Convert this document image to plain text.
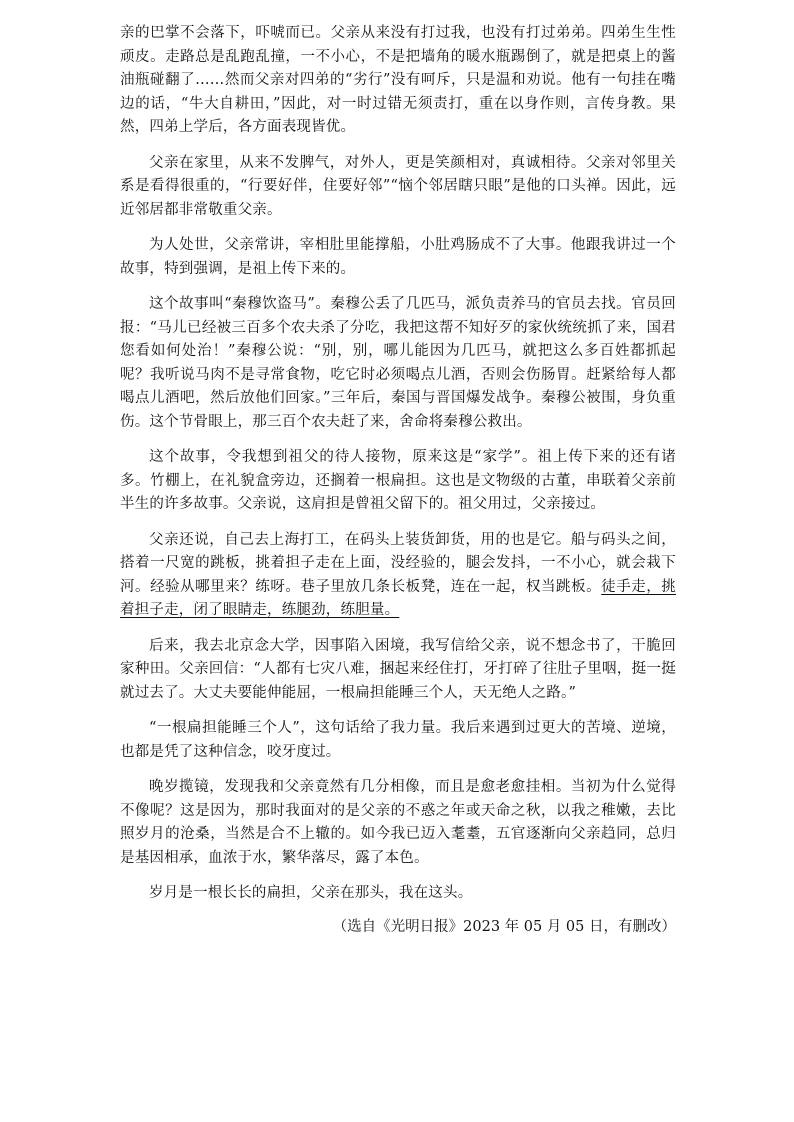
亲的巴掌不会落下，吓唬而已。父亲从来没有打过我，也没有打过弟弟。四弟生生性顽皮。走路总是乱跑乱撞，一不小心，不是把墙角的暖水瓶踢倒了，就是把桌上的酱油瓶碰翻了……然而父亲对四弟的“劣行”没有呵斥，只是温和劝说。他有一句挂在嘴边的话，“牛大自耕田，”因此，对一时过错无须责打，重在以身作则，言传身教。果然，四弟上学后，各方面表现皆优。

父亲在家里，从来不发脾气，对外人，更是笑颜相对，真诚相待。父亲对邻里关系是看得很重的，“行要好伴，住要好邻”“恼个邻居瞎只眼”是他的口头禅。因此，远近邻居都非常敬重父亲。

为人处世，父亲常讲，宰相肚里能撑船，小肚鸡肠成不了大事。他跟我讲过一个故事，特到强调，是祖上传下来的。

这个故事叫“秦穆饮盗马”。秦穆公丢了几匹马，派负责养马的官员去找。官员回报：“马儿已经被三百多个农夫杀了分吃，我把这帮不知好歹的家伙统统抓了来，国君您看如何处治！”秦穆公说：“别，别，哪儿能因为几匹马，就把这么多百姓都抓起呢？我听说马肉不是寻常食物，吃它时必须喝点儿酒，否则会伤肠胃。赶紧给每人都喝点儿酒吧，然后放他们回家。”三年后，秦国与晋国爆发战争。秦穆公被围，身负重伤。这个节骨眼上，那三百个农夫赶了来，舍命将秦穆公救出。

这个故事，令我想到祖父的待人接物，原来这是“家学”。祖上传下来的还有诸多。竹棚上，在礼貌盒旁边，还搁着一根扁担。这也是文物级的古董，串联着父亲前半生的许多故事。父亲说，这肩担是曾祖父留下的。祖父用过，父亲接过。

父亲还说，自己去上海打工，在码头上装货卸货，用的也是它。船与码头之间，搭着一尺宽的跳板，挑着担子走在上面，没经验的，腿会发抖，一不小心，就会栽下河。经验从哪里来？练呀。巷子里放几条长板凳，连在一起，权当跳板。徒手走，挑着担子走，闭了眼睛走，练腿劲，练胆量。

后来，我去北京念大学，因事陷入困境，我写信给父亲，说不想念书了，干脆回家种田。父亲回信：“人都有七灾八难，捆起来经住打，牙打碎了往肚子里咽，挺一挺就过去了。大丈夫要能伸能屈，一根扁担能睡三个人，天无绝人之路。”

“一根扁担能睡三个人”，这句话给了我力量。我后来遇到过更大的苦境、逆境，也都是凭了这种信念，咬牙度过。

晚岁揽镜，发现我和父亲竟然有几分相像，而且是愈老愈挂相。当初为什么觉得不像呢？这是因为，那时我面对的是父亲的不惑之年或天命之秋，以我之稚嫩，去比照岁月的沧桑，当然是合不上辙的。如今我已迈入耄耋，五官逐渐向父亲趋同，总归是基因相承，血浓于水，繁华落尽，露了本色。

岁月是一根长长的扁担，父亲在那头，我在这头。

（选自《光明日报》2023 年 05 月 05 日，有删改）
